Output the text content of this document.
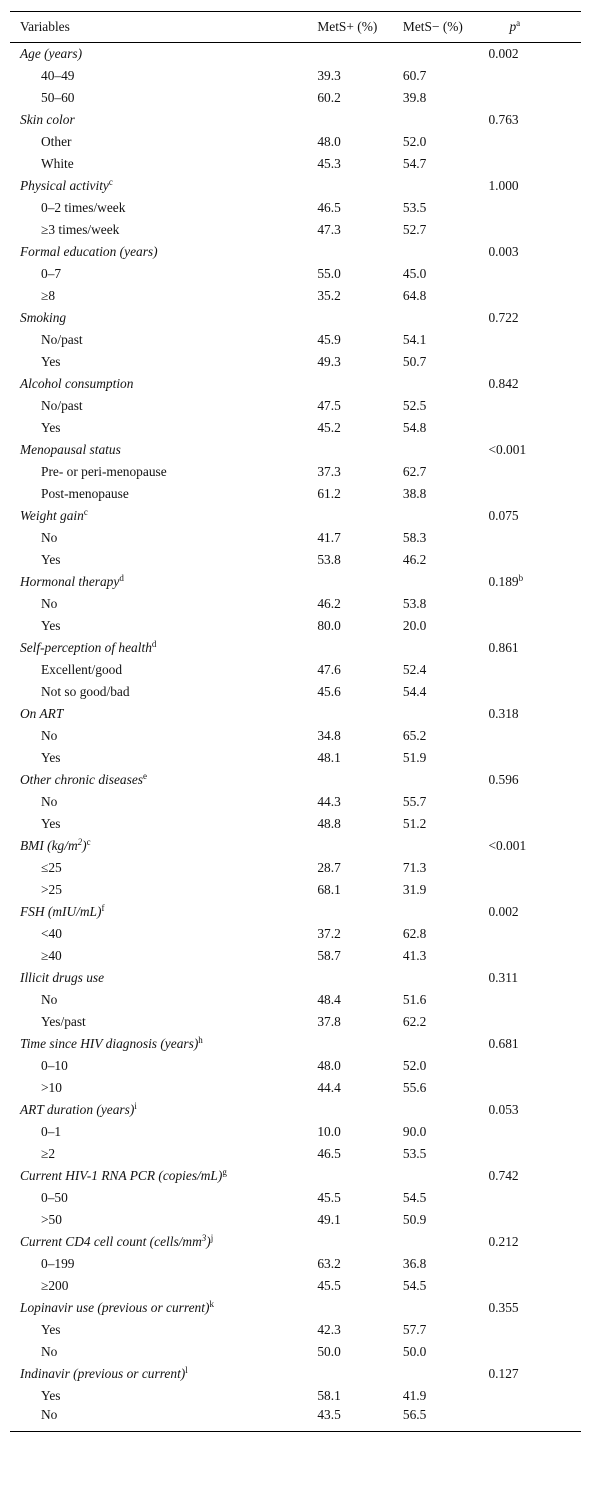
Variables	MetS+ (%)	MetS− (%)	$p^a$
Age (years)			0.002
40–49	39.3	60.7	
50–60	60.2	39.8	
Skin color			0.763
Other	48.0	52.0	
White	45.3	54.7	
Physical activity$^c$			1.000
0–2 times/week	46.5	53.5	
≥3 times/week	47.3	52.7	
Formal education (years)			0.003
0–7	55.0	45.0	
≥8	35.2	64.8	
Smoking			0.722
No/past	45.9	54.1	
Yes	49.3	50.7	
Alcohol consumption			0.842
No/past	47.5	52.5	
Yes	45.2	54.8	
Menopausal status			<0.001
Pre- or peri-menopause	37.3	62.7	
Post-menopause	61.2	38.8	
Weight gain$^c$			0.075
No	41.7	58.3	
Yes	53.8	46.2	
Hormonal therapy$^d$			0.189$^b$
No	46.2	53.8	
Yes	80.0	20.0	
Self-perception of health$^d$			0.861
Excellent/good	47.6	52.4	
Not so good/bad	45.6	54.4	
On ART			0.318
No	34.8	65.2	
Yes	48.1	51.9	
Other chronic diseases$^e$			0.596
No	44.3	55.7	
Yes	48.8	51.2	
BMI $(kg/m^2)^c$			<0.001
≤25	28.7	71.3	
>25	68.1	31.9	
FSH $(mIU/mL)^f$			0.002
<40	37.2	62.8	
≥40	58.7	41.3	
Illicit drugs use			0.311
No	48.4	51.6	
Yes/past	37.8	62.2	
Time since HIV diagnosis (years)$^h$			0.681
0–10	48.0	52.0	
>10	44.4	55.6	
ART duration (years)$^i$			0.053
0–1	10.0	90.0	
≥2	46.5	53.5	
Current HIV-1 RNA PCR (copies/mL)$^g$			0.742
0–50	45.5	54.5	
>50	49.1	50.9	
Current CD4 cell count $(cells/mm^3)^j$			0.212
0–199	63.2	36.8	
≥200	45.5	54.5	
Lopinavir use (previous or current)$^k$			0.355
Yes	42.3	57.7	
No	50.0	50.0	
Indinavir (previous or current)$^l$			0.127
Yes	58.1	41.9	
No	43.5	56.5	
